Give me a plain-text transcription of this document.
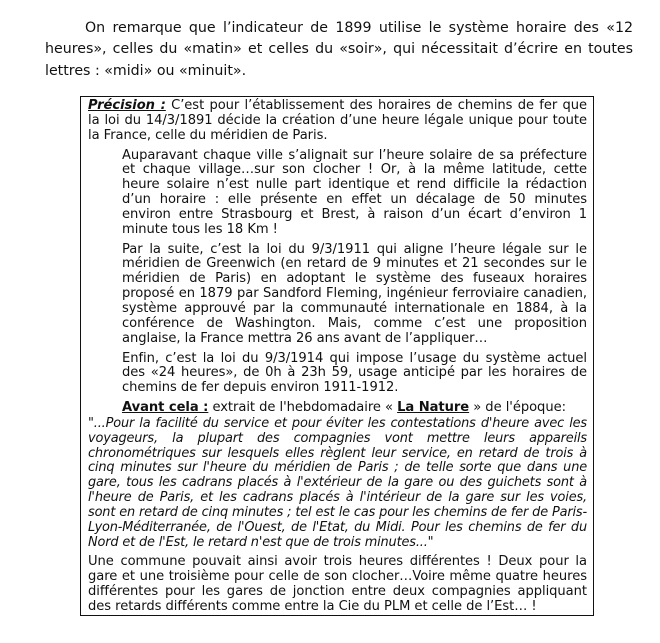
On remarque que l’indicateur de 1899 utilise le système horaire des «12 heures», celles du «matin» et celles du «soir», qui nécessitait d’écrire en toutes lettres : «midi» ou «minuit».

Précision : C’est pour l’établissement des horaires de chemins de fer que la loi du 14/3/1891 décide la création d’une heure légale unique pour toute la France, celle du méridien de Paris.

Auparavant chaque ville s’alignait sur l’heure solaire de sa préfecture et chaque village…sur son clocher ! Or, à la même latitude, cette heure solaire n’est nulle part identique et rend difficile la rédaction d’un horaire : elle présente en effet un décalage de 50 minutes environ entre Strasbourg et Brest, à raison d’un écart d’environ 1 minute tous les 18 Km !

Par la suite, c’est la loi du 9/3/1911 qui aligne l’heure légale sur le méridien de Greenwich (en retard de 9 minutes et 21 secondes sur le méridien de Paris) en adoptant le système des fuseaux horaires proposé en 1879 par Sandford Fleming, ingénieur ferroviaire canadien, système approuvé par la communauté internationale en 1884, à la conférence de Washington. Mais, comme c’est une proposition anglaise, la France mettra 26 ans avant de l’appliquer…

Enfin, c’est la loi du 9/3/1914 qui impose l’usage du système actuel des «24 heures», de 0h à 23h 59, usage anticipé par les horaires de chemins de fer depuis environ 1911-1912.

Avant cela : extrait de l'hebdomadaire « La Nature » de l'époque:

"...Pour la facilité du service et pour éviter les contestations d'heure avec les voyageurs, la plupart des compagnies vont mettre leurs appareils chronométriques sur lesquels elles règlent leur service, en retard de trois à cinq minutes sur l'heure du méridien de Paris ; de telle sorte que dans une gare, tous les cadrans placés à l'extérieur de la gare ou des guichets sont à l'heure de Paris, et les cadrans placés à l'intérieur de la gare sur les voies, sont en retard de cinq minutes ; tel est le cas pour les chemins de fer de Paris-Lyon-Méditerranée, de l'Ouest, de l'Etat, du Midi. Pour les chemins de fer du Nord et de l'Est, le retard n'est que de trois minutes..."

Une commune pouvait ainsi avoir trois heures différentes ! Deux pour la gare et une troisième pour celle de son clocher…Voire même quatre heures différentes pour les gares de jonction entre deux compagnies appliquant des retards différents comme entre la Cie du PLM et celle de l’Est… !
